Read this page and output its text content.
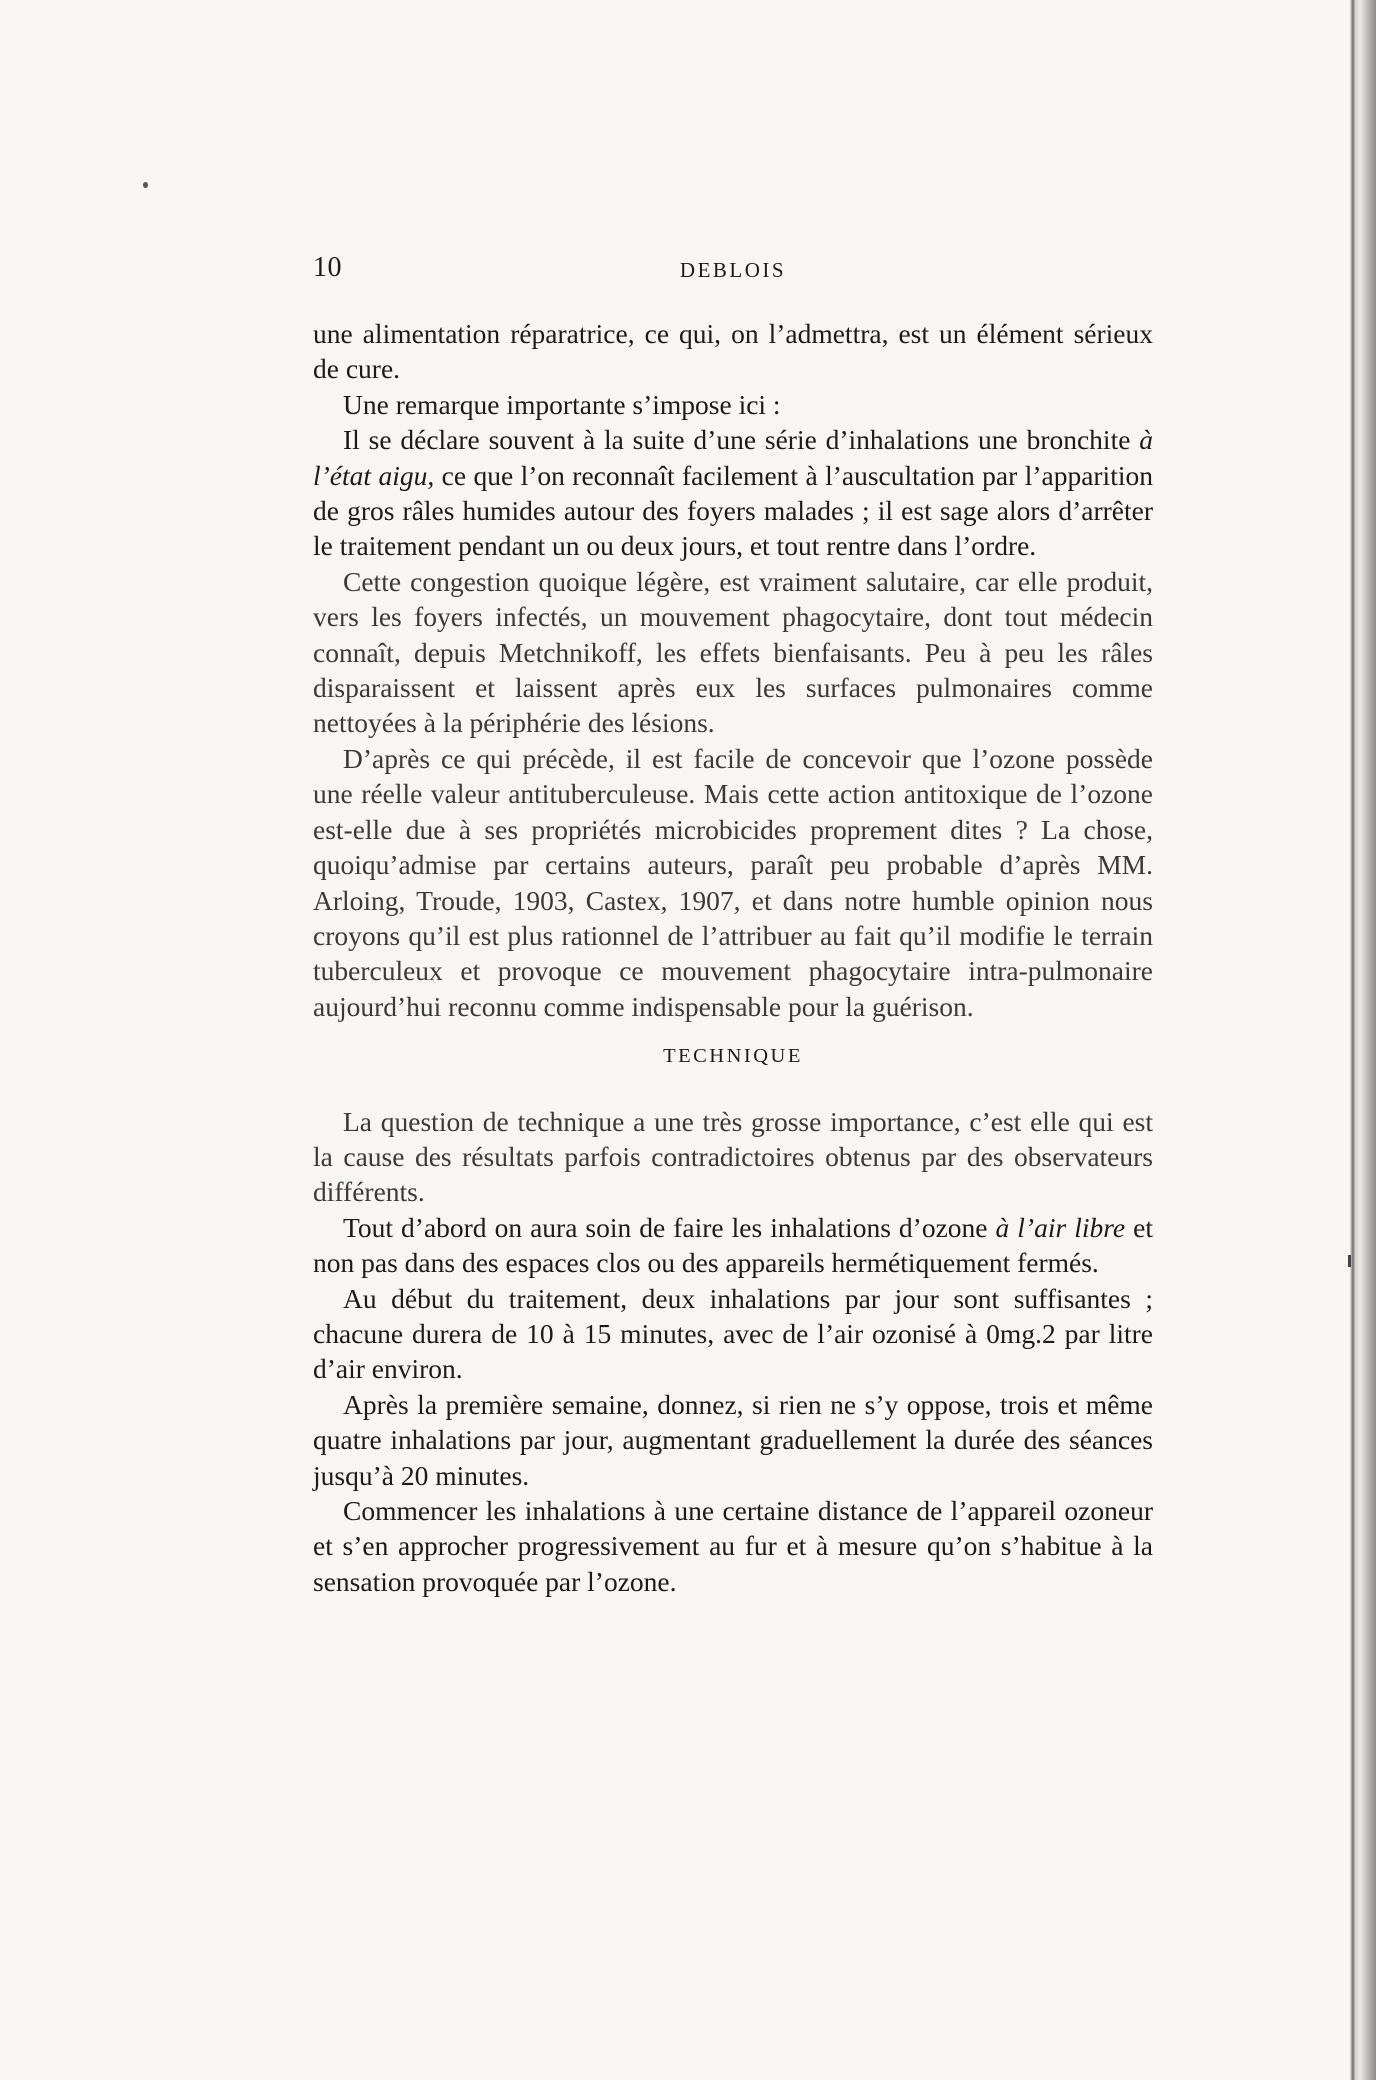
10	DEBLOIS

une alimentation réparatrice, ce qui, on l’admettra, est un élément sérieux de cure.

Une remarque importante s’impose ici :

Il se déclare souvent à la suite d’une série d’inhalations une bronchite à l’état aigu, ce que l’on reconnaît facilement à l’auscultation par l’apparition de gros râles humides autour des foyers malades ; il est sage alors d’arrêter le traitement pendant un ou deux jours, et tout rentre dans l’ordre.

Cette congestion quoique légère, est vraiment salutaire, car elle produit, vers les foyers infectés, un mouvement phagocytaire, dont tout médecin connaît, depuis Metchnikoff, les effets bienfaisants. Peu à peu les râles disparaissent et laissent après eux les surfaces pulmonaires comme nettoyées à la périphérie des lésions.

D’après ce qui précède, il est facile de concevoir que l’ozone possède une réelle valeur antituberculeuse. Mais cette action antitoxique de l’ozone est-elle due à ses propriétés microbicides proprement dites ? La chose, quoiqu’admise par certains auteurs, paraît peu probable d’après MM. Arloing, Troude, 1903, Castex, 1907, et dans notre humble opinion nous croyons qu’il est plus rationnel de l’attribuer au fait qu’il modifie le terrain tuberculeux et provoque ce mouvement phagocytaire intra-pulmonaire aujourd’hui reconnu comme indispensable pour la guérison.

TECHNIQUE

La question de technique a une très grosse importance, c’est elle qui est la cause des résultats parfois contradictoires obtenus par des observateurs différents.

Tout d’abord on aura soin de faire les inhalations d’ozone à l’air libre et non pas dans des espaces clos ou des appareils hermétiquement fermés.

Au début du traitement, deux inhalations par jour sont suffisantes ; chacune durera de 10 à 15 minutes, avec de l’air ozonisé à 0mg.2 par litre d’air environ.

Après la première semaine, donnez, si rien ne s’y oppose, trois et même quatre inhalations par jour, augmentant graduellement la durée des séances jusqu’à 20 minutes.

Commencer les inhalations à une certaine distance de l’appareil ozoneur et s’en approcher progressivement au fur et à mesure qu’on s’habitue à la sensation provoquée par l’ozone.
